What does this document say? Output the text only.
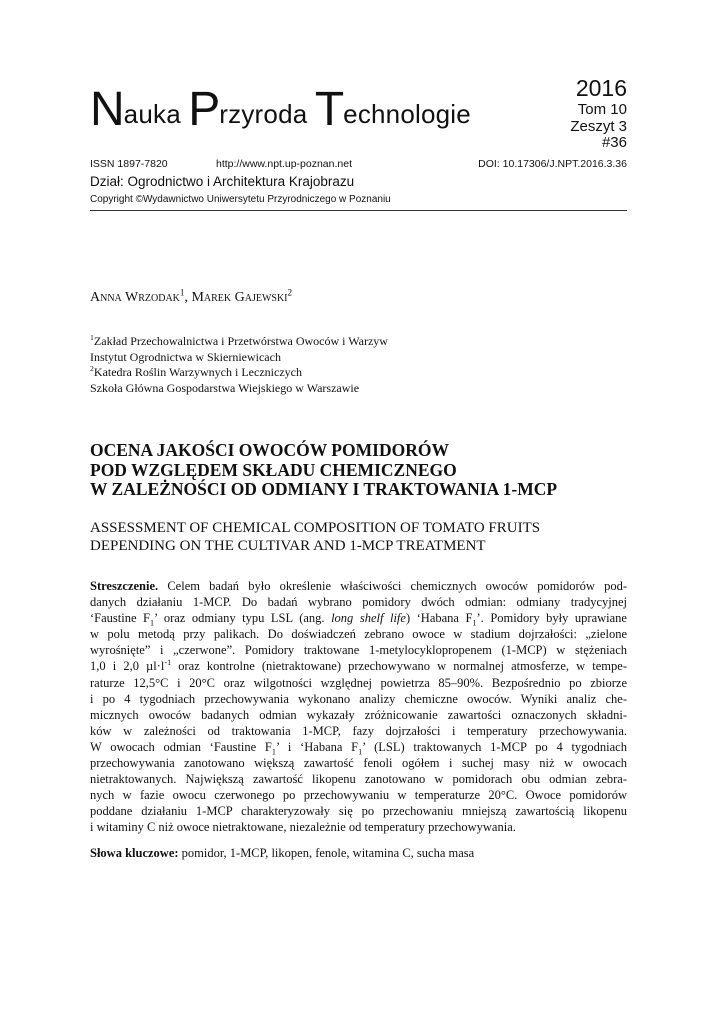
Nauka Przyroda Technologie
2016
Tom 10
Zeszyt 3
#36
ISSN 1897-7820	http://www.npt.up-poznan.net	DOI: 10.17306/J.NPT.2016.3.36
Dział: Ogrodnictwo i Architektura Krajobrazu
Copyright ©Wydawnictwo Uniwersytetu Przyrodniczego w Poznaniu
Anna Wrzodak$^1$, Marek Gajewski$^2$
$^1$Zakład Przechowalnictwa i Przetwórstwa Owoców i Warzyw
Instytut Ogrodnictwa w Skierniewicach
$^2$Katedra Roślin Warzywnych i Leczniczych
Szkoła Główna Gospodarstwa Wiejskiego w Warszawie
OCENA JAKOŚCI OWOCÓW POMIDORÓW
POD WZGLĘDEM SKŁADU CHEMICZNEGO
W ZALEŻNOŚCI OD ODMIANY I TRAKTOWANIA 1-MCP
ASSESSMENT OF CHEMICAL COMPOSITION OF TOMATO FRUITS
DEPENDING ON THE CULTIVAR AND 1-MCP TREATMENT
Streszczenie. Celem badań było określenie właściwości chemicznych owoców pomidorów pod-
danych działaniu 1-MCP. Do badań wybrano pomidory dwóch odmian: odmiany tradycyjnej
‘Faustine $F_1$’ oraz odmiany typu LSL (ang. long shelf life) ‘Habana $F_1$’. Pomidory były uprawiane
w polu metodą przy palikach. Do doświadczeń zebrano owoce w stadium dojrzałości: „zielone
wyrośnięte” i „czerwone”. Pomidory traktowane 1-metylocyklopropenem (1-MCP) w stężeniach
1,0 i 2,0 $\mu l\cdot l^{-1}$ oraz kontrolne (nietraktowane) przechowywano w normalnej atmosferze, w tempe-
raturze 12,5°C i 20°C oraz wilgotności względnej powietrza 85–90%. Bezpośrednio po zbiorze
i po 4 tygodniach przechowywania wykonano analizy chemiczne owoców. Wyniki analiz che-
micznych owoców badanych odmian wykazały zróżnicowanie zawartości oznaczonych składni-
ków w zależności od traktowania 1-MCP, fazy dojrzałości i temperatury przechowywania.
W owocach odmian ‘Faustine $F_1$’ i ‘Habana $F_1$’ (LSL) traktowanych 1-MCP po 4 tygodniach
przechowywania zanotowano większą zawartość fenoli ogółem i suchej masy niż w owocach
nietraktowanych. Największą zawartość likopenu zanotowano w pomidorach obu odmian zebra-
nych w fazie owocu czerwonego po przechowywaniu w temperaturze 20°C. Owoce pomidorów
poddane działaniu 1-MCP charakteryzowały się po przechowaniu mniejszą zawartością likopenu
i witaminy C niż owoce nietraktowane, niezależnie od temperatury przechowywania.
Słowa kluczowe: pomidor, 1-MCP, likopen, fenole, witamina C, sucha masa
